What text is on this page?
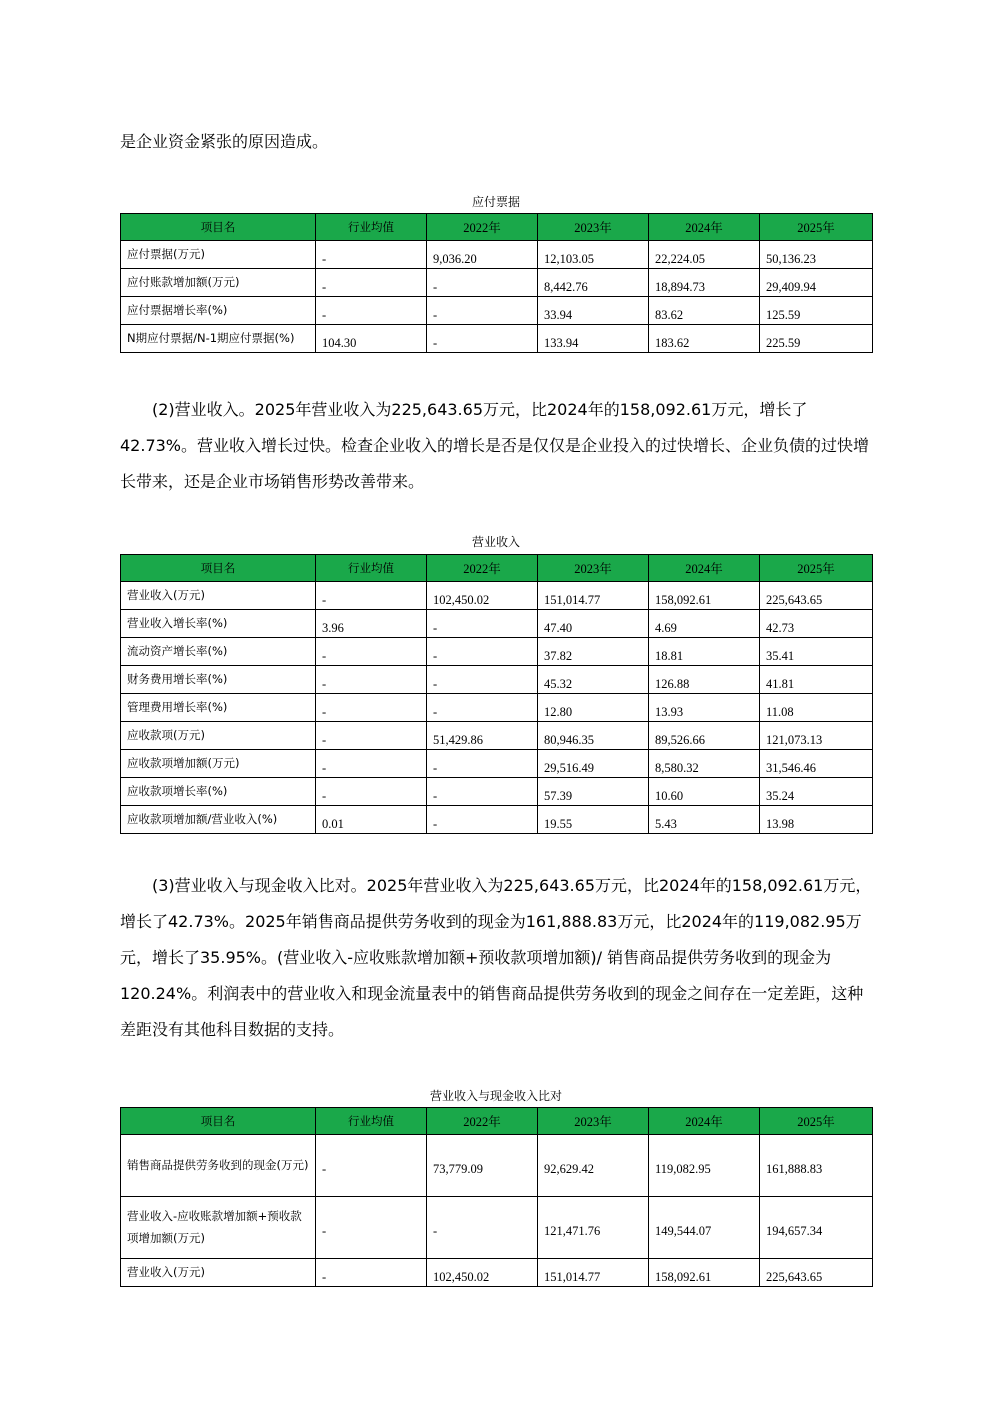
是企业资金紧张的原因造成。

应付票据
项目名	行业均值	2022年	2023年	2024年	2025年
应付票据(万元)	-	9,036.20	12,103.05	22,224.05	50,136.23
应付账款增加额(万元)	-	-	8,442.76	18,894.73	29,409.94
应付票据增长率(%)	-	-	33.94	83.62	125.59
N期应付票据/N-1期应付票据(%)	104.30	-	133.94	183.62	225.59

(2)营业收入。2025年营业收入为225,643.65万元，比2024年的158,092.61万元，增长了42.73%。营业收入增长过快。检查企业收入的增长是否是仅仅是企业投入的过快增长、企业负债的过快增长带来，还是企业市场销售形势改善带来。

营业收入
项目名	行业均值	2022年	2023年	2024年	2025年
营业收入(万元)	-	102,450.02	151,014.77	158,092.61	225,643.65
营业收入增长率(%)	3.96	-	47.40	4.69	42.73
流动资产增长率(%)	-	-	37.82	18.81	35.41
财务费用增长率(%)	-	-	45.32	126.88	41.81
管理费用增长率(%)	-	-	12.80	13.93	11.08
应收款项(万元)	-	51,429.86	80,946.35	89,526.66	121,073.13
应收款项增加额(万元)	-	-	29,516.49	8,580.32	31,546.46
应收款项增长率(%)	-	-	57.39	10.60	35.24
应收款项增加额/营业收入(%)	0.01	-	19.55	5.43	13.98

(3)营业收入与现金收入比对。2025年营业收入为225,643.65万元，比2024年的158,092.61万元，增长了42.73%。2025年销售商品提供劳务收到的现金为161,888.83万元，比2024年的119,082.95万元，增长了35.95%。(营业收入-应收账款增加额+预收款项增加额)/ 销售商品提供劳务收到的现金为120.24%。利润表中的营业收入和现金流量表中的销售商品提供劳务收到的现金之间存在一定差距，这种差距没有其他科目数据的支持。

营业收入与现金收入比对
项目名	行业均值	2022年	2023年	2024年	2025年
销售商品提供劳务收到的现金(万元)	-	73,779.09	92,629.42	119,082.95	161,888.83
营业收入-应收账款增加额+预收款项增加额(万元)	-	-	121,471.76	149,544.07	194,657.34
营业收入(万元)	-	102,450.02	151,014.77	158,092.61	225,643.65
